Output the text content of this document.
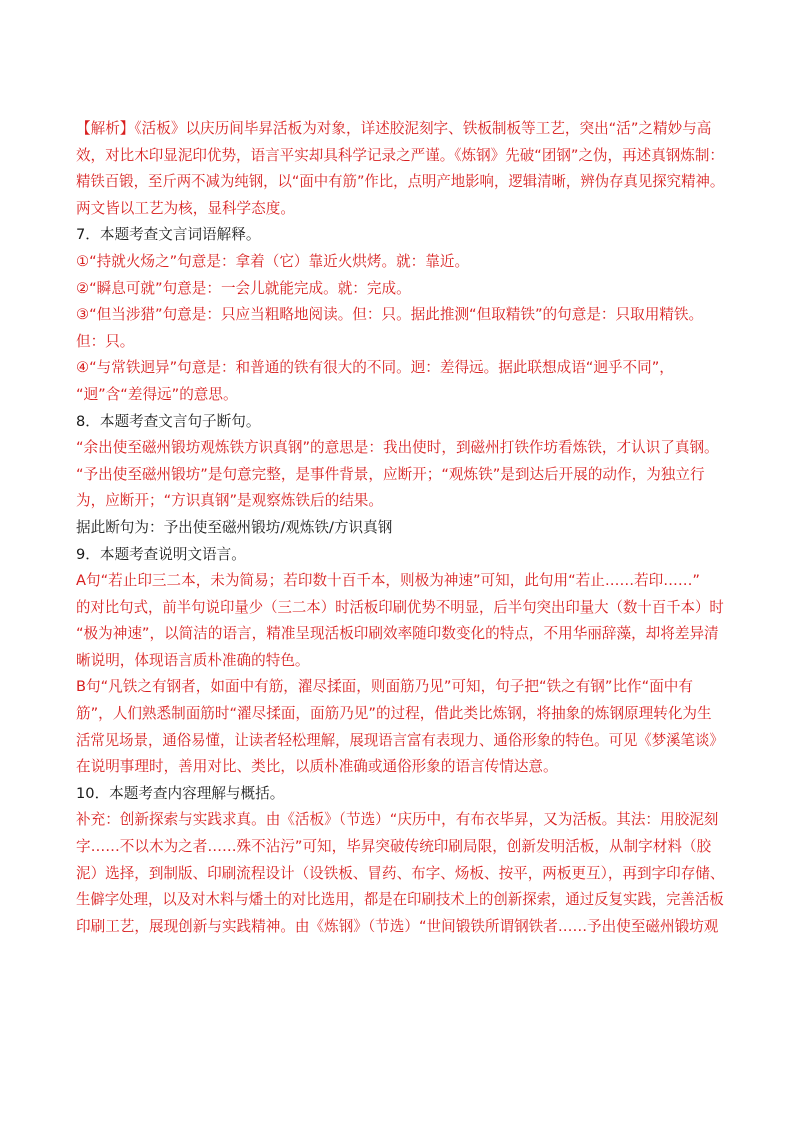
【解析】《活板》以庆历间毕昇活板为对象，详述胶泥刻字、铁板制板等工艺，突出“活”之精妙与高
效，对比木印显泥印优势，语言平实却具科学记录之严谨。《炼钢》先破“团钢”之伪，再述真钢炼制：
精铁百锻，至斤两不减为纯钢，以“面中有筋”作比，点明产地影响，逻辑清晰，辨伪存真见探究精神。
两文皆以工艺为核，显科学态度。
7．本题考查文言词语解释。
①“持就火炀之”句意是：拿着（它）靠近火烘烤。就：靠近。
②“瞬息可就”句意是：一会儿就能完成。就：完成。
③“但当涉猎”句意是：只应当粗略地阅读。但：只。据此推测“但取精铁”的句意是：只取用精铁。
但：只。
④“与常铁迥异”句意是：和普通的铁有很大的不同。迥：差得远。据此联想成语“迥乎不同”，
“迥”含“差得远”的意思。
8．本题考查文言句子断句。
“余出使至磁州锻坊观炼铁方识真钢”的意思是：我出使时，到磁州打铁作坊看炼铁，才认识了真钢。
“予出使至磁州锻坊”是句意完整，是事件背景，应断开；“观炼铁”是到达后开展的动作，为独立行
为，应断开；“方识真钢”是观察炼铁后的结果。
据此断句为：予出使至磁州锻坊/观炼铁/方识真钢
9．本题考查说明文语言。
A句“若止印三二本，未为简易；若印数十百千本，则极为神速”可知，此句用“若止……若印……”
的对比句式，前半句说印量少（三二本）时活板印刷优势不明显，后半句突出印量大（数十百千本）时
“极为神速”，以简洁的语言，精准呈现活板印刷效率随印数变化的特点，不用华丽辞藻，却将差异清
晰说明，体现语言质朴准确的特色。
B句“凡铁之有钢者，如面中有筋，濯尽揉面，则面筋乃见”可知，句子把“铁之有钢”比作“面中有
筋”，人们熟悉制面筋时“濯尽揉面，面筋乃见”的过程，借此类比炼钢，将抽象的炼钢原理转化为生
活常见场景，通俗易懂，让读者轻松理解，展现语言富有表现力、通俗形象的特色。可见《梦溪笔谈》
在说明事理时，善用对比、类比，以质朴准确或通俗形象的语言传情达意。
10．本题考查内容理解与概括。
补充：创新探索与实践求真。由《活板》（节选）“庆历中，有布衣毕昇，又为活板。其法：用胶泥刻
字……不以木为之者……殊不沾污”可知，毕昇突破传统印刷局限，创新发明活板，从制字材料（胶
泥）选择，到制版、印刷流程设计（设铁板、冒药、布字、炀板、按平，两板更互），再到字印存储、
生僻字处理，以及对木料与燔土的对比选用，都是在印刷技术上的创新探索，通过反复实践，完善活板
印刷工艺，展现创新与实践精神。由《炼钢》（节选）“世间锻铁所谓钢铁者……予出使至磁州锻坊观
